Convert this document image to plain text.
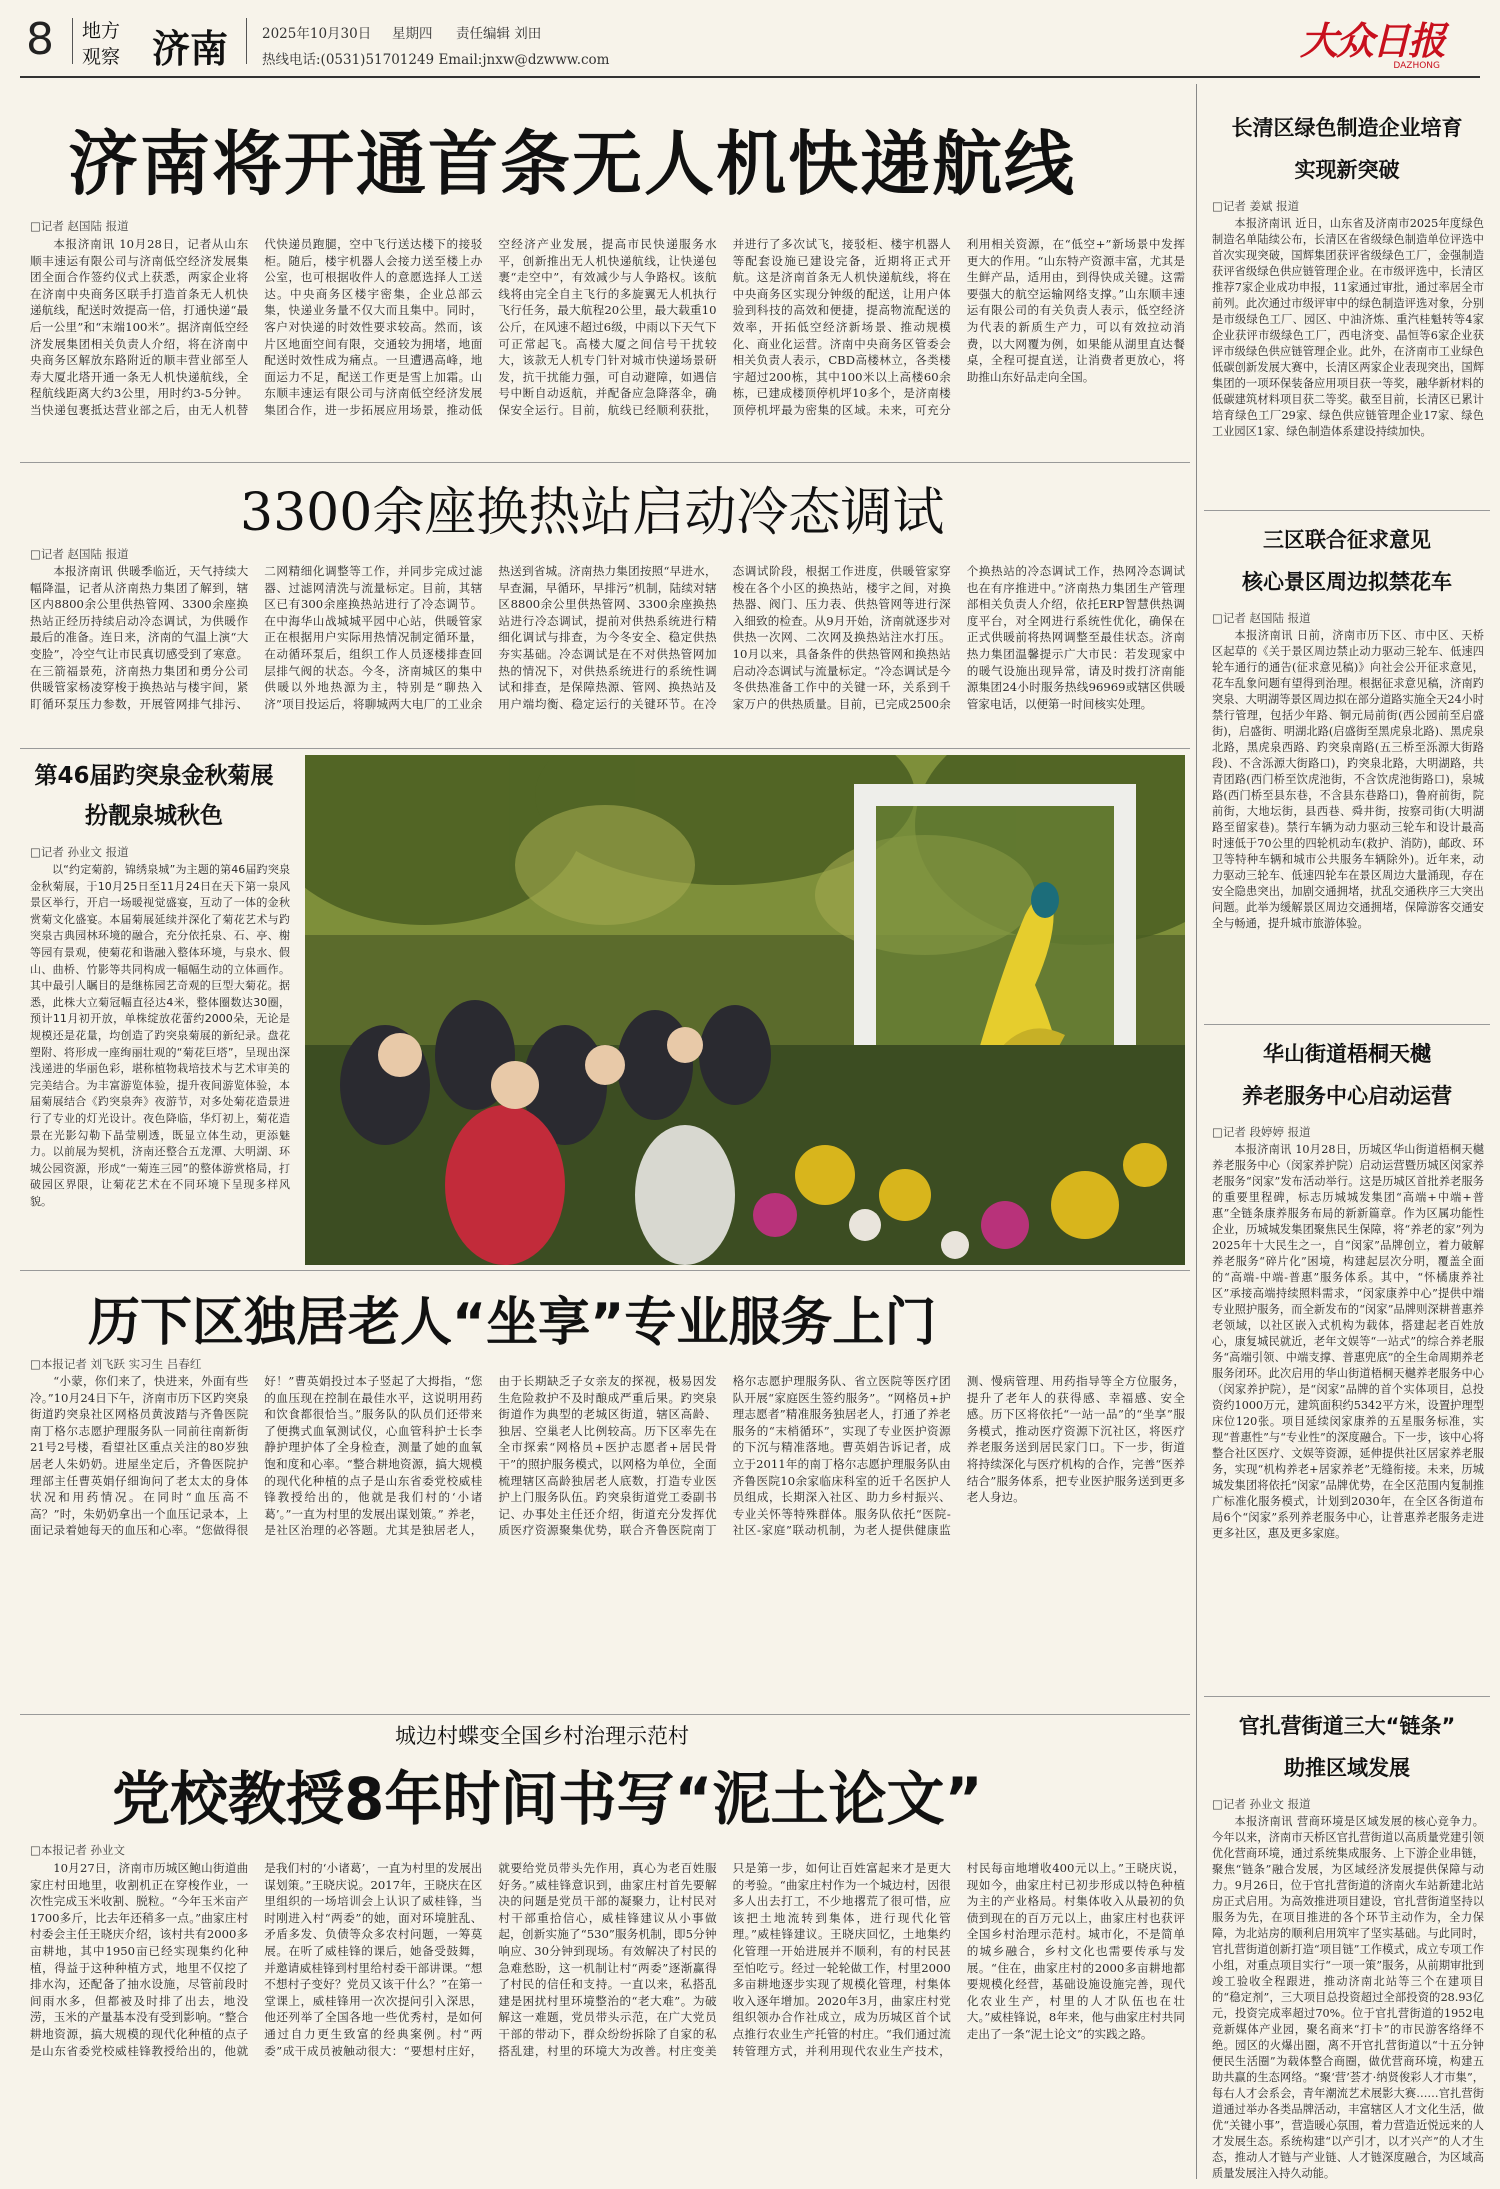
8 地方
观察 济南	2025年10月30日 星期四 责任编辑 刘田
热线电话:(0531)51701249 Email:jnxw@dzwww.com	大众日报
DAZHONG
济南将开通首条无人机快递航线
□记者 赵国陆 报道

本报济南讯 10月28日，记者从山东顺丰速运有限公司与济南低空经济发展集团全面合作签约仪式上获悉，两家企业将在济南中央商务区联手打造首条无人机快递航线，配送时效提高一倍，打通快递“最后一公里”和“末端100米”。据济南低空经济发展集团相关负责人介绍，将在济南中央商务区解放东路附近的顺丰营业部至人寿大厦北塔开通一条无人机快递航线，全程航线距离大约3公里，用时约3-5分钟。当快递包裹抵达营业部之后，由无人机替代快递员跑腿，空中飞行送达楼下的接驳柜。随后，楼宇机器人会接力送至楼上办公室，也可根据收件人的意愿选择人工送达。中央商务区楼宇密集，企业总部云集，快递业务量不仅大而且集中。同时，客户对快递的时效性要求较高。然而，该片区地面空间有限，交通较为拥堵，地面配送时效性成为痛点。一旦遭遇高峰，地面运力不足，配送工作更是雪上加霜。山东顺丰速运有限公司与济南低空经济发展集团合作，进一步拓展应用场景，推动低空经济产业发展，提高市民快递服务水平，创新推出无人机快递航线，让快递包裹“走空中”，有效减少与人争路权。该航线将由完全自主飞行的多旋翼无人机执行飞行任务，最大航程20公里，最大载重10公斤，在风速不超过6级，中雨以下天气下可正常起飞。高楼大厦之间信号干扰较大，该款无人机专门针对城市快递场景研发，抗干扰能力强，可自动避障，如遇信号中断自动返航，并配备应急降落伞，确保安全运行。目前，航线已经顺利获批，并进行了多次试飞，接驳柜、楼宇机器人等配套设施已建设完备，近期将正式开航。这是济南首条无人机快递航线，将在中央商务区实现分钟级的配送，让用户体验到科技的高效和便捷，提高物流配送的效率，开拓低空经济新场景、推动规模化、商业化运营。济南中央商务区管委会相关负责人表示，CBD高楼林立，各类楼宇超过200栋，其中100米以上高楼60余栋，已建成楼顶停机坪10多个，是济南楼顶停机坪最为密集的区域。未来，可充分利用相关资源，在“低空+”新场景中发挥更大的作用。“山东特产资源丰富，尤其是生鲜产品，适用由，到得快成关键。这需要强大的航空运输网络支撑。”山东顺丰速运有限公司的有关负责人表示，低空经济为代表的新质生产力，可以有效拉动消费，以大网覆为例，如果能从湖里直达餐桌，全程可提直送，让消费者更放心，将助推山东好品走向全国。

3300余座换热站启动冷态调试
□记者 赵国陆 报道

本报济南讯 供暖季临近，天气持续大幅降温，记者从济南热力集团了解到，辖区内8800余公里供热管网、3300余座换热站正经历持续启动冷态调试，为供暖作最后的准备。连日来，济南的气温上演“大变脸”，冷空气让市民真切感受到了寒意。在三箭福景苑，济南热力集团和勇分公司供暖管家杨凌穿梭于换热站与楼宇间，紧盯循环泵压力参数，开展管网排气排污、二网精细化调整等工作，并同步完成过滤器、过滤网清洗与流量标定。目前，其辖区已有300余座换热站进行了冷态调节。在中海华山战城城平园中心站，供暖管家正在根据用户实际用热情况制定循环量，在动循环泵后，组织工作人员逐楼排查回层排气阀的状态。今冬，济南城区的集中供暖以外地热源为主，特别是“聊热入济”项目投运后，将聊城两大电厂的工业余热送到省城。济南热力集团按照“早进水，早查漏，早循环，早排污”机制，陆续对辖区8800余公里供热管网、3300余座换热站进行冷态调试，提前对供热系统进行精细化调试与排查，为今冬安全、稳定供热夯实基础。冷态调试是在不对供热管网加热的情况下，对供热系统进行的系统性调试和排查，是保障热源、管网、换热站及用户端均衡、稳定运行的关键环节。在冷态调试阶段，根据工作进度，供暖管家穿梭在各个小区的换热站，楼宇之间，对换热器、阀门、压力表、供热管网等进行深入细致的检查。从9月开始，济南就逐步对供热一次网、二次网及换热站注水打压。10月以来，具备条件的供热管网和换热站启动冷态调试与流量标定。“冷态调试是今冬供热准备工作中的关键一环，关系到千家万户的供热质量。目前，已完成2500余个换热站的冷态调试工作，热网冷态调试也在有序推进中。”济南热力集团生产管理部相关负责人介绍，依托ERP智慧供热调度平台，对全网进行系统性优化，确保在正式供暖前将热网调整至最佳状态。济南热力集团温馨提示广大市民：若发现家中的暖气设施出现异常，请及时拨打济南能源集团24小时服务热线96969或辖区供暖管家电话，以便第一时间核实处理。

第46届趵突泉金秋菊展
扮靓泉城秋色
□记者 孙业文 报道

以“约定菊韵，锦绣泉城”为主题的第46届趵突泉金秋菊展，于10月25日至11月24日在天下第一泉风景区举行，开启一场暖视觉盛宴，互动了一体的金秋赏菊文化盛宴。本届菊展延续并深化了菊花艺术与趵突泉古典园林环境的融合，充分依托泉、石、亭、榭等园有景观，使菊花和谐融入整体环境，与泉水、假山、曲桥、竹影等共同构成一幅幅生动的立体画作。其中最引人瞩目的是继栋园艺奇观的巨型大菊花。据悉，此株大立菊冠幅直径达4米，整体圈数达30圈，预计11月初开放，单株绽放花蕾约2000朵，无论是规模还是花量，均创造了趵突泉菊展的新纪录。盘花塑附、将形成一座绚丽壮观的“菊花巨塔”，呈现出深浅递进的华丽色彩，堪称植物栽培技术与艺术审美的完美结合。为丰富游览体验，提升夜间游览体验，本届菊展结合《趵突泉奔》夜游节，对多处菊花造景进行了专业的灯光设计。夜色降临，华灯初上，菊花造景在光影勾勒下晶莹剔透，既显立体生动，更添魅力。以前展为契机，济南还整合五龙潭、大明湖、环城公园资源，形成“一菊连三园”的整体游赏格局，打破园区界限，让菊花艺术在不同环境下呈现多样风貌。

历下区独居老人“坐享”专业服务上门
□本报记者 刘飞跃 实习生 吕春红

“小蒙，你们来了，快进来，外面有些冷。”10月24日下午，济南市历下区趵突泉街道趵突泉社区网格员黄波踏与齐鲁医院南丁格尔志愿护理服务队一同前往南新街21号2号楼，看望社区重点关注的80岁独居老人朱奶奶。进屋坐定后，齐鲁医院护理部主任曹英娟仔细询问了老太太的身体状况和用药情况。在同时“血压高不高？”时，朱奶奶拿出一个血压记录本，上面记录着她每天的血压和心率。“您做得很好！”曹英娟投过本子竖起了大拇指，“您的血压现在控制在最佳水平，这说明用药和饮食都很恰当。”服务队的队员们还带来了便携式血氧测试仪，心血管科护士长李静护理护体了全身检查，测量了她的血氧饱和度和心率。“整合耕地资源，搞大规模的现代化种植的点子是山东省委党校威桂锋教授给出的，他就是我们村的‘小诸葛’。”一直为村里的发展出谋划策。” 养老，是社区治理的必答题。尤其是独居老人，由于长期缺乏子女亲友的探视，极易因发生危险救护不及时酿成严重后果。趵突泉街道作为典型的老城区街道，辖区高龄、独居、空巢老人比例较高。历下区率先在全市探索“网格员+医护志愿者+居民骨干”的照护服务模式，以网格为单位，全面梳理辖区高龄独居老人底数，打造专业医护上门服务队伍。趵突泉街道党工委副书记、办事处主任还介绍，街道充分发挥优质医疗资源聚集优势，联合齐鲁医院南丁格尔志愿护理服务队、省立医院等医疗团队开展“家庭医生签约服务”。“网格员+护理志愿者”精准服务独居老人，打通了养老服务的“末梢循环”，实现了专业医护资源的下沉与精准落地。曹英娟告诉记者，成立于2011年的南丁格尔志愿护理服务队由齐鲁医院10余家临床科室的近千名医护人员组成，长期深入社区、助力乡村振兴、专业关怀等特殊群体。服务队依托“医院-社区-家庭”联动机制，为老人提供健康监测、慢病管理、用药指导等全方位服务，提升了老年人的获得感、幸福感、安全感。历下区将依托“一站一品”的“坐享”服务模式，推动医疗资源下沉社区，将医疗养老服务送到居民家门口。下一步，街道将持续深化与医疗机构的合作，完善“医养结合”服务体系，把专业医护服务送到更多老人身边。

城边村蝶变全国乡村治理示范村
党校教授8年时间书写“泥土论文”
□本报记者 孙业文

10月27日，济南市历城区鲍山街道曲家庄村田地里，收割机正在穿梭作业，一次性完成玉米收割、脱粒。“今年玉米亩产1700多斤，比去年还稍多一点。”曲家庄村村委会主任王晓庆介绍，该村共有2000多亩耕地，其中1950亩已经实现集约化种植，得益于这种种植方式，地里不仅挖了排水沟，还配备了抽水设施，尽管前段时间雨水多，但都被及时排了出去，地没涝，玉米的产量基本没有受到影响。“整合耕地资源，搞大规模的现代化种植的点子是山东省委党校威桂锋教授给出的，他就是我们村的‘小诸葛’，一直为村里的发展出谋划策。”王晓庆说。2017年，王晓庆在区里组织的一场培训会上认识了威桂锋，当时刚进入村“两委”的她，面对环境脏乱、矛盾多发、负债等众多农村问题，一筹莫展。在听了威桂锋的课后，她备受鼓舞，并邀请威桂锋到村里给村委干部讲课。“想不想村子变好？党员又该干什么？”在第一堂课上，威桂锋用一次次提问引入深思，他还列举了全国各地一些优秀村，是如何通过自力更生致富的经典案例。村“两委”成干成员被触动很大：“要想村庄好，就要给党员带头先作用，真心为老百姓服好务。”威桂锋意识到，曲家庄村首先要解决的问题是党员干部的凝聚力，让村民对村干部重拾信心，威桂锋建议从小事做起，创新实施了“530”服务机制，即5分钟响应、30分钟到现场。有效解决了村民的急难愁盼，这一机制让村“两委”逐渐赢得了村民的信任和支持。一直以来，私搭乱建是困扰村里环境整治的“老大难”。为破解这一难题，党员带头示范，在广大党员干部的带动下，群众纷纷拆除了自家的私搭乱建，村里的环境大为改善。村庄变美只是第一步，如何让百姓富起来才是更大的考验。“曲家庄村作为一个城边村，因很多人出去打工，不少地撂荒了很可惜，应该把土地流转到集体，进行现代化管理。”威桂锋建议。王晓庆回忆，土地集约化管理一开始进展并不顺利，有的村民甚至怕吃亏。经过一轮轮做工作，村里2000多亩耕地逐步实现了规模化管理，村集体收入逐年增加。2020年3月，曲家庄村党组织领办合作社成立，成为历城区首个试点推行农业生产托管的村庄。“我们通过流转管理方式，并利用现代农业生产技术，村民每亩地增收400元以上。”王晓庆说，现如今，曲家庄村已初步形成以特色种植为主的产业格局。村集体收入从最初的负债到现在的百万元以上，曲家庄村也获评全国乡村治理示范村。城市化，不是简单的城乡融合，乡村文化也需要传承与发展。“住在，曲家庄村的2000多亩耕地都要规模化经营，基础设施设施完善，现代化农业生产，村里的人才队伍也在壮大。”威桂锋说，8年来，他与曲家庄村共同走出了一条“泥土论文”的实践之路。

长清区绿色制造企业培育
实现新突破
□记者 姜斌 报道

本报济南讯 近日，山东省及济南市2025年度绿色制造名单陆续公布，长清区在省级绿色制造单位评选中首次实现突破，国辉集团获评省级绿色工厂，金强制造获评省级绿色供应链管理企业。在市级评选中，长清区推荐7家企业成功申报，11家通过审批，通过率居全市前列。此次通过市级评审中的绿色制造评选对象，分别是市级绿色工厂、园区、中油济炼、重汽桂魁转等4家企业获评市级绿色工厂，西电济变、晶恒等6家企业获评市级绿色供应链管理企业。此外，在济南市工业绿色低碳创新发展大赛中，长清区两家企业表现突出，国辉集团的一项环保装备应用项目获一等奖，融华新材料的低碳建筑材料项目获二等奖。截至目前，长清区已累计培育绿色工厂29家、绿色供应链管理企业17家、绿色工业园区1家、绿色制造体系建设持续加快。

三区联合征求意见
核心景区周边拟禁花车
□记者 赵国陆 报道

本报济南讯 日前，济南市历下区、市中区、天桥区起草的《关于景区周边禁止动力驱动三轮车、低速四轮车通行的通告(征求意见稿)》向社会公开征求意见，花车乱象问题有望得到治理。根据征求意见稿，济南趵突泉、大明湖等景区周边拟在部分道路实施全天24小时禁行管理，包括少年路、铜元局前街(西公园前至启盛街)，启盛街、明湖北路(启盛街至黑虎泉北路)、黑虎泉北路，黑虎泉西路、趵突泉南路(五三桥至泺源大街路段)、不含泺源大街路口)，趵突泉北路，大明湖路，共青团路(西门桥至饮虎池街，不含饮虎池街路口)，泉城路(西门桥至县东巷，不含县东巷路口)，鲁府前街，院前街，大地坛街，县西巷、舜井街，按察司街(大明湖路至留家巷)。禁行车辆为动力驱动三轮车和设计最高时速低于70公里的四轮机动车(救护、消防)，邮政、环卫等特种车辆和城市公共服务车辆除外)。近年来，动力驱动三轮车、低速四轮车在景区周边大量涌现，存在安全隐患突出，加剧交通拥堵，扰乱交通秩序三大突出问题。此举为缓解景区周边交通拥堵，保障游客交通安全与畅通，提升城市旅游体验。

华山街道梧桐天樾
养老服务中心启动运营
□记者 段婷婷 报道

本报济南讯 10月28日，历城区华山街道梧桐天樾养老服务中心（闵家养护院）启动运营暨历城区闵家养老服务“闵家”发布活动举行。这是历城区首批养老服务的重要里程碑，标志历城城发集团“高端+中端+普惠”全链条康养服务布局的新新篇章。作为区属功能性企业，历城城发集团聚焦民生保障，将“养老的家”列为2025年十大民生之一，自“闵家”品牌创立，着力破解养老服务“碎片化”困境，构建起层次分明，覆盖全面的“高端-中端-普惠”服务体系。其中，“怀橘康养社区”承接高端持续照料需求，“闵家康养中心”提供中端专业照护服务，而全新发布的“闵家”品牌则深耕普惠养老领域，以社区嵌入式机构为载体，搭建起老百姓放心，康复城民就近，老年文娱等“一站式”的综合养老服务“高端引领、中端支撑、普惠兜底”的全生命周期养老服务闭环。此次启用的华山街道梧桐天樾养老服务中心（闵家养护院），是“闵家”品牌的首个实体项目，总投资约1000万元，建筑面积约5342平方米，设置护理型床位120张。项目延续闵家康养的五星服务标准，实现“普惠性”与“专业性”的深度融合。下一步，该中心将整合社区医疗、文娱等资源，延伸提供社区居家养老服务，实现“机构养老+居家养老”无缝衔接。未来，历城城发集团将依托“闵家”品牌优势，在全区范围内复制推广标准化服务模式，计划到2030年，在全区各街道布局6个“闵家”系列养老服务中心，让普惠养老服务走进更多社区，惠及更多家庭。

官扎营街道三大“链条”
助推区域发展
□记者 孙业文 报道

本报济南讯 营商环境是区域发展的核心竞争力。今年以来，济南市天桥区官扎营街道以高质量党建引领优化营商环境，通过系统集成服务、上下游企业串链，聚焦“链条”融合发展，为区域经济发展提供保障与动力。9月26日，位于官扎营街道的济南火车站新建北站房正式启用。为高效推进项目建设，官扎营街道坚持以服务为先，在项目推进的各个环节主动作为，全力保障，为北站房的顺利启用筑牢了坚实基础。与此同时，官扎营街道创新打造“项目链”工作模式，成立专项工作小组，对重点项目实行“一项一策”服务，从前期审批到竣工验收全程跟进，推动济南北站等三个在建项目的“稳定剂”，三大项目总投资超过全部投资的28.93亿元，投资完成率超过70%。位于官扎营街道的1952电竞新媒体产业园，聚名商来“打卡”的市民游客络绎不绝。园区的火爆出圈，离不开官扎营街道以“十五分钟便民生活圈”为载体整合商圈，做优营商环境，构建五助共赢的生态网络。“聚‘营’荟才·纳贤俊彩人才市集”，每右人才会系会，青年潮流艺术展影大赛……官扎营街道通过举办各类品牌活动，丰富辖区人才文化生活，做优“关键小事”，营造暖心氛围，着力营造近悦远来的人才发展生态。系统构建“以产引才，以才兴产”的人才生态，推动人才链与产业链、人才链深度融合，为区域高质量发展注入持久动能。
